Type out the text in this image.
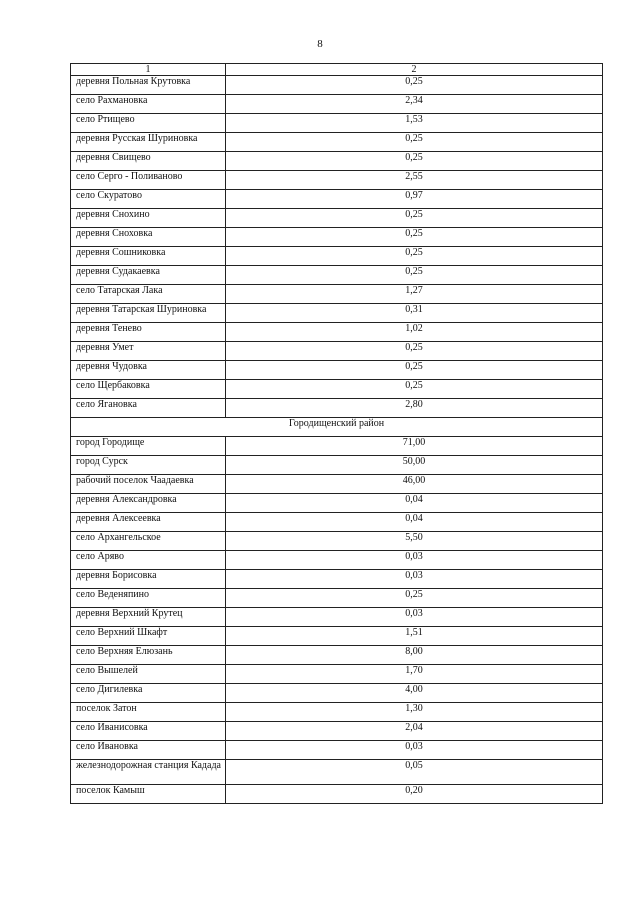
8
1	2
деревня Польная Крутовка	0,25
село Рахмановка	2,34
село Ртищево	1,53
деревня Русская Шуриновка	0,25
деревня Свищево	0,25
село Серго - Поливаново	2,55
село Скуратово	0,97
деревня Снохино	0,25
деревня Сноховка	0,25
деревня Сошниковка	0,25
деревня Судакаевка	0,25
село Татарская Лака	1,27
деревня Татарская Шуриновка	0,31
деревня Тенево	1,02
деревня Умет	0,25
деревня Чудовка	0,25
село Щербаковка	0,25
село Ягановка	2,80
Городищенский район	
город Городище	71,00
город Сурск	50,00
рабочий поселок Чаадаевка	46,00
деревня Александровка	0,04
деревня Алексеевка	0,04
село Архангельское	5,50
село Аряво	0,03
деревня Борисовка	0,03
село Веденяпино	0,25
деревня Верхний Крутец	0,03
село Верхний Шкафт	1,51
село Верхняя Елюзань	8,00
село Вышелей	1,70
село Дигилевка	4,00
поселок Затон	1,30
село Иванисовка	2,04
село Ивановка	0,03
железнодорожная станция Кадада	0,05
поселок Камыш	0,20
